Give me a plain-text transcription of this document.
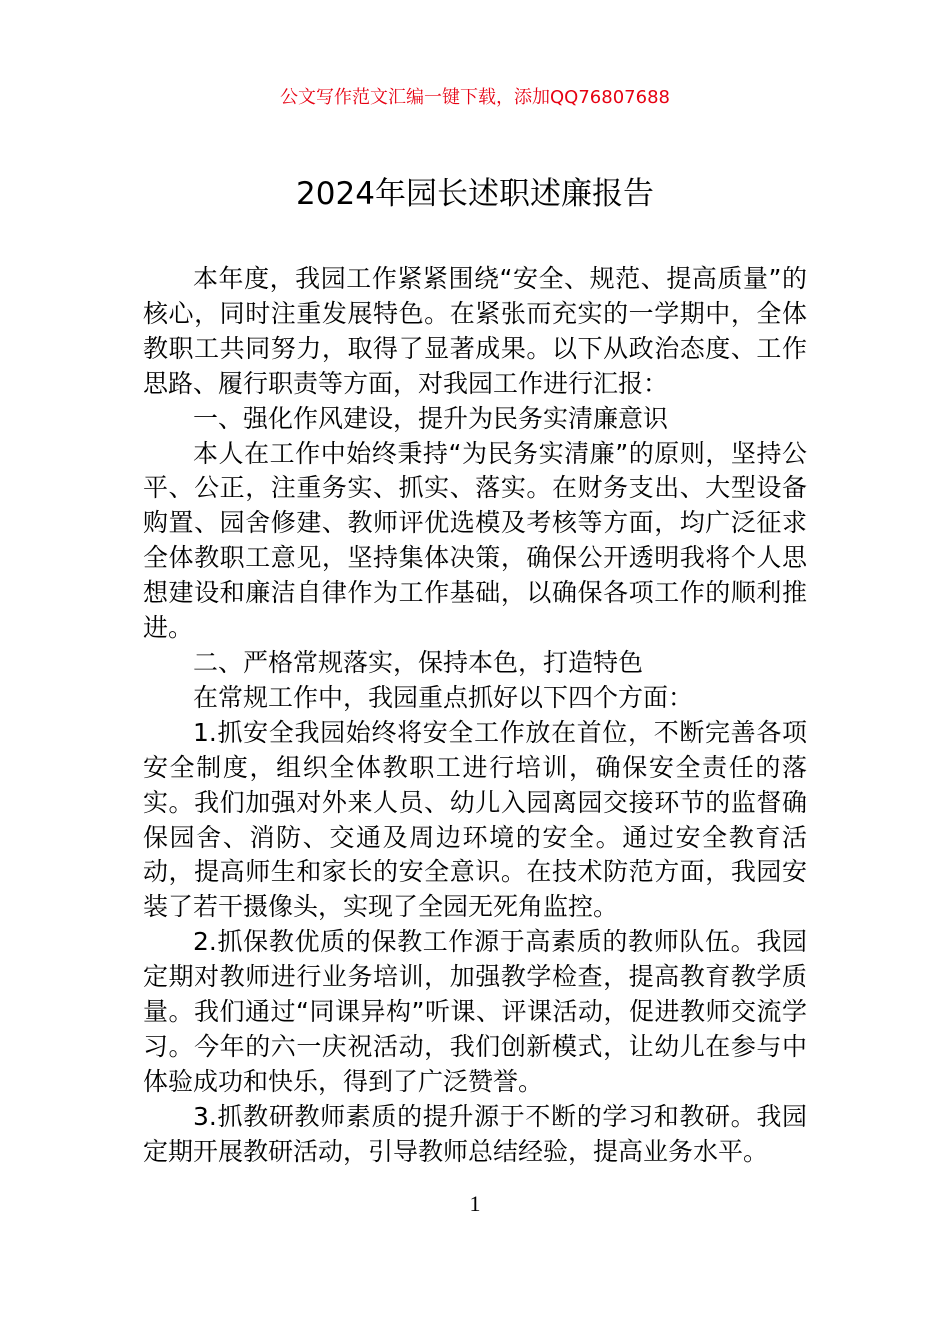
公文写作范文汇编一键下载，添加QQ76807688
2024年园长述职述廉报告

本年度，我园工作紧紧围绕“安全、规范、提高质量”的核心，同时注重发展特色。在紧张而充实的一学期中，全体教职工共同努力，取得了显著成果。以下从政治态度、工作思路、履行职责等方面，对我园工作进行汇报：

一、强化作风建设，提升为民务实清廉意识

本人在工作中始终秉持“为民务实清廉”的原则，坚持公平、公正，注重务实、抓实、落实。在财务支出、大型设备购置、园舍修建、教师评优选模及考核等方面，均广泛征求全体教职工意见，坚持集体决策，确保公开透明我将个人思想建设和廉洁自律作为工作基础，以确保各项工作的顺利推进。

二、严格常规落实，保持本色，打造特色

在常规工作中，我园重点抓好以下四个方面：

1.抓安全我园始终将安全工作放在首位，不断完善各项安全制度，组织全体教职工进行培训，确保安全责任的落实。我们加强对外来人员、幼儿入园离园交接环节的监督确保园舍、消防、交通及周边环境的安全。通过安全教育活动，提高师生和家长的安全意识。在技术防范方面，我园安装了若干摄像头，实现了全园无死角监控。

2.抓保教优质的保教工作源于高素质的教师队伍。我园定期对教师进行业务培训，加强教学检查，提高教育教学质量。我们通过“同课异构”听课、评课活动，促进教师交流学习。今年的六一庆祝活动，我们创新模式，让幼儿在参与中体验成功和快乐，得到了广泛赞誉。

3.抓教研教师素质的提升源于不断的学习和教研。我园定期开展教研活动，引导教师总结经验，提高业务水平。

1
